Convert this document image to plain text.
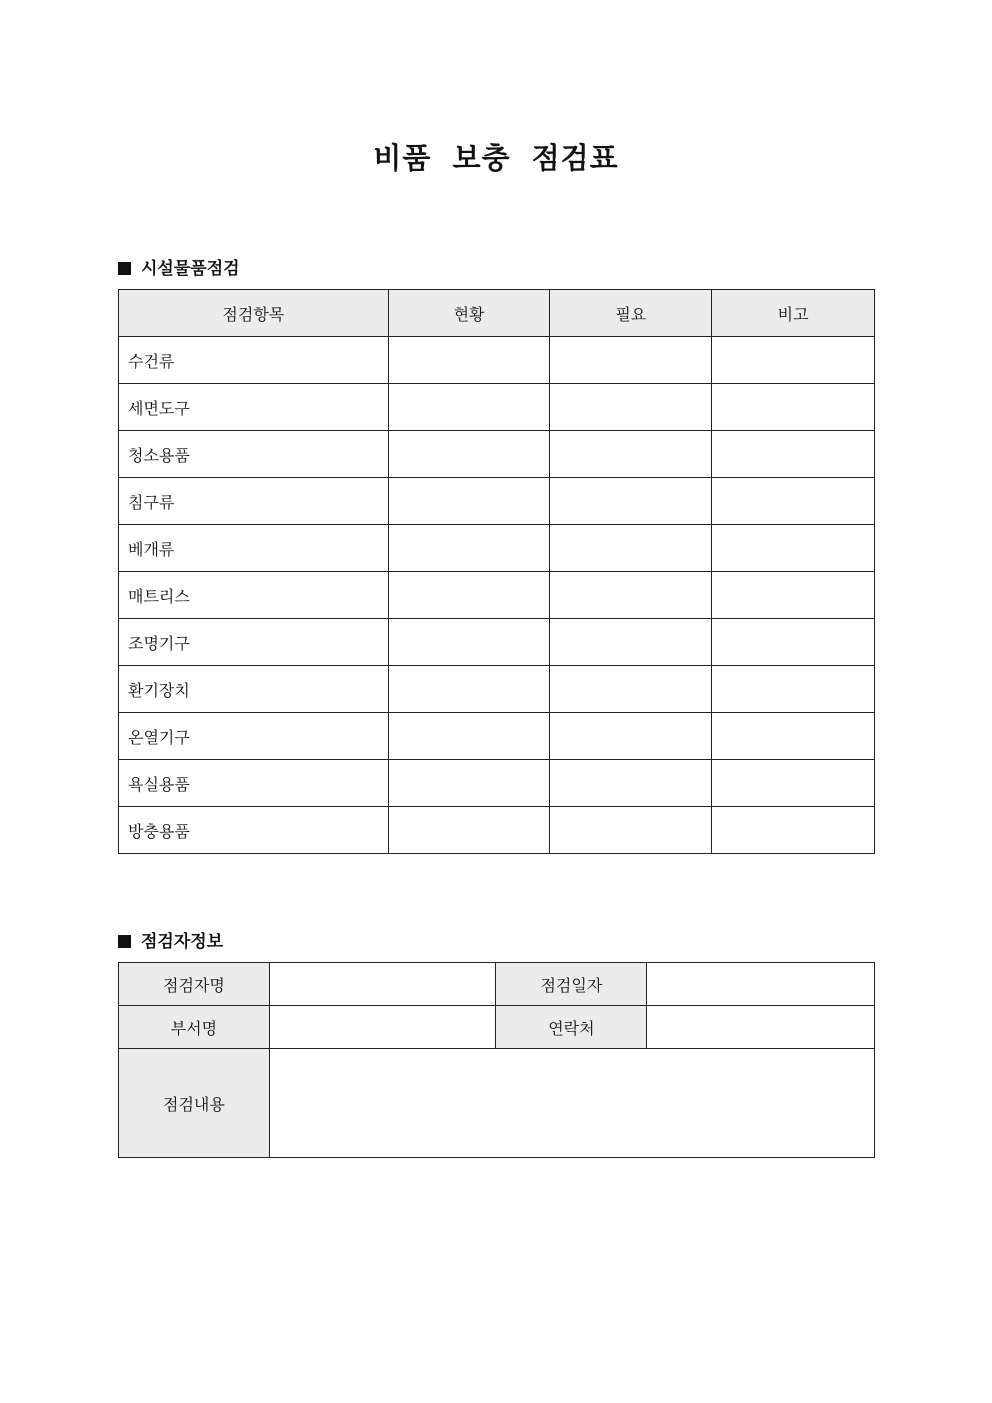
비품 보충 점검표
시설물품점검
점검항목	현황	필요	비고
수건류			
세면도구			
청소용품			
침구류			
베개류			
매트리스			
조명기구			
환기장치			
온열기구			
욕실용품			
방충용품			
점검자정보
점검자명		점검일자	
부서명		연락처	
점검내용			
